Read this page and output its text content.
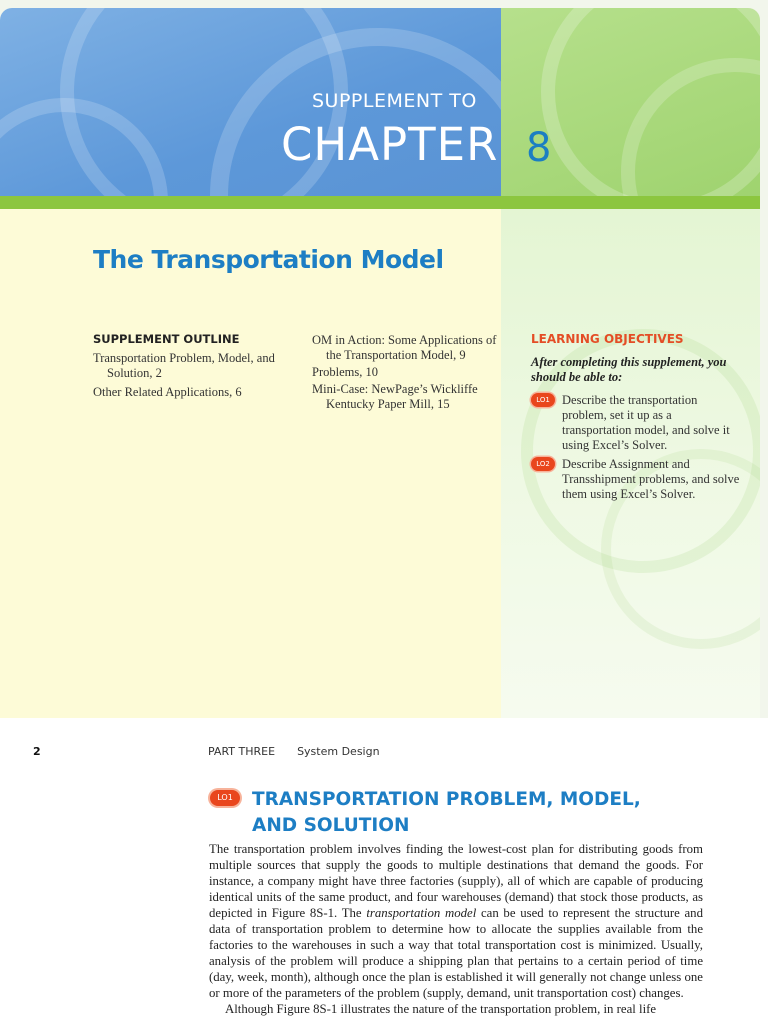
SUPPLEMENT TO
CHAPTER 8
The Transportation Model
SUPPLEMENT OUTLINE
Transportation Problem, Model, and Solution, 2
Other Related Applications, 6
OM in Action: Some Applications of the Transportation Model, 9
Problems, 10
Mini-Case: NewPage’s Wickliffe Kentucky Paper Mill, 15
LEARNING OBJECTIVES
After completing this supplement, you should be able to:
LO1 Describe the transportation problem, set it up as a transportation model, and solve it using Excel’s Solver.
LO2 Describe Assignment and Transshipment problems, and solve them using Excel’s Solver.
2	PART THREE System Design
LO1	TRANSPORTATION PROBLEM, MODEL, AND SOLUTION

The transportation problem involves finding the lowest-cost plan for distributing goods from multiple sources that supply the goods to multiple destinations that demand the goods. For instance, a company might have three factories (supply), all of which are capable of producing identical units of the same product, and four warehouses (demand) that stock those products, as depicted in Figure 8S-1. The transportation model can be used to represent the structure and data of transportation problem to determine how to allocate the supplies available from the factories to the warehouses in such a way that total transportation cost is minimized. Usually, analysis of the problem will produce a shipping plan that pertains to a certain period of time (day, week, month), although once the plan is established it will generally not change unless one or more of the parameters of the problem (supply, demand, unit transportation cost) changes.

Although Figure 8S-1 illustrates the nature of the transportation problem, in real life
